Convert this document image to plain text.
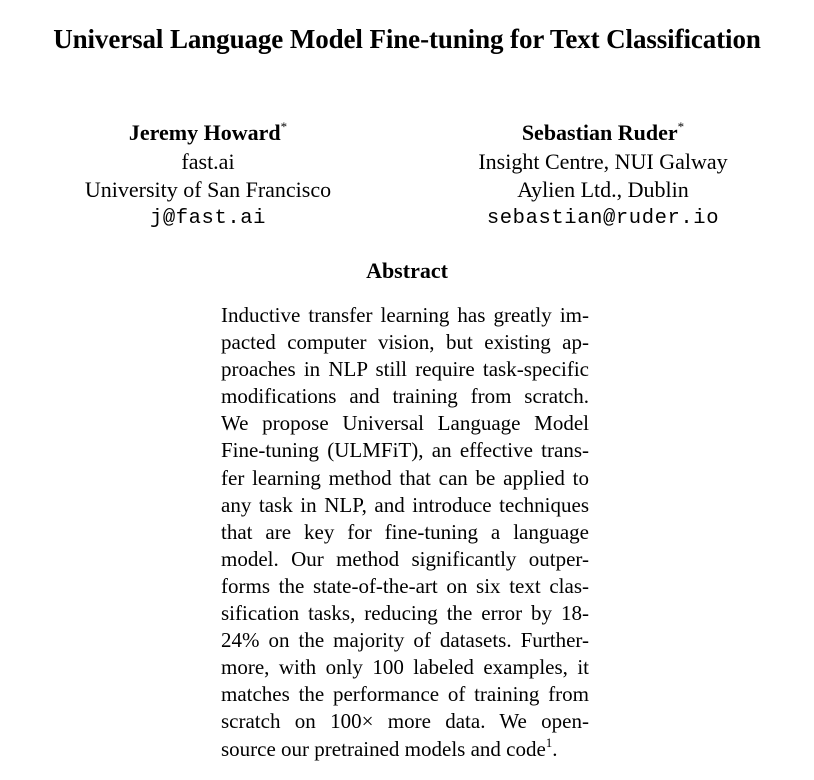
Universal Language Model Fine-tuning for Text Classification
Jeremy Howard*
fast.ai
University of San Francisco
j@fast.ai
Sebastian Ruder*
Insight Centre, NUI Galway
Aylien Ltd., Dublin
sebastian@ruder.io
Abstract
Inductive transfer learning has greatly im-
pacted computer vision, but existing ap-
proaches in NLP still require task-specific
modifications and training from scratch.
We propose Universal Language Model
Fine-tuning (ULMFiT), an effective trans-
fer learning method that can be applied to
any task in NLP, and introduce techniques
that are key for fine-tuning a language
model. Our method significantly outper-
forms the state-of-the-art on six text clas-
sification tasks, reducing the error by 18-
24% on the majority of datasets. Further-
more, with only 100 labeled examples, it
matches the performance of training from
scratch on 100× more data. We open-
source our pretrained models and code$^1$.
